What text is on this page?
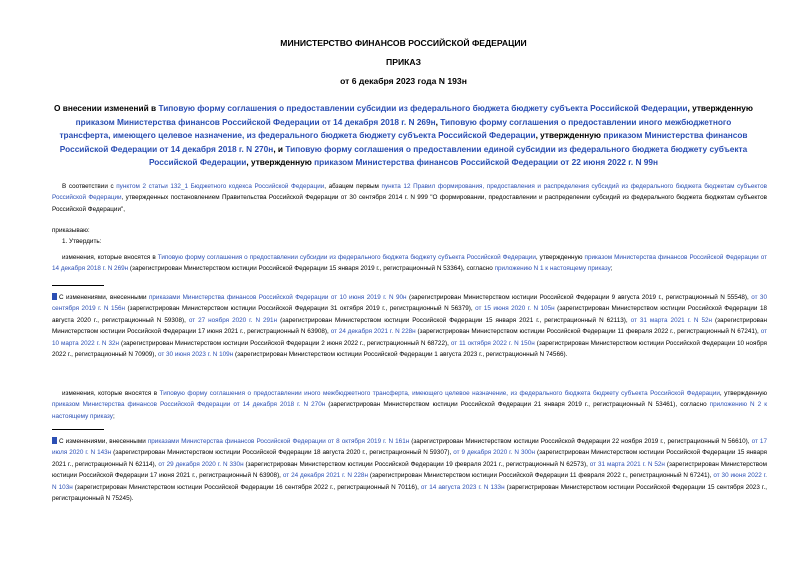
МИНИСТЕРСТВО ФИНАНСОВ РОССИЙСКОЙ ФЕДЕРАЦИИ
ПРИКАЗ
от 6 декабря 2023 года N 193н
О внесении изменений в Типовую форму соглашения о предоставлении субсидии из федерального бюджета бюджету субъекта Российской Федерации, утвержденную приказом Министерства финансов Российской Федерации от 14 декабря 2018 г. N 269н, Типовую форму соглашения о предоставлении иного межбюджетного трансферта, имеющего целевое назначение, из федерального бюджета бюджету субъекта Российской Федерации, утвержденную приказом Министерства финансов Российской Федерации от 14 декабря 2018 г. N 270н, и Типовую форму соглашения о предоставлении единой субсидии из федерального бюджета бюджету субъекта Российской Федерации, утвержденную приказом Министерства финансов Российской Федерации от 22 июня 2022 г. N 99н
В соответствии с пунктом 2 статьи 132_1 Бюджетного кодекса Российской Федерации, абзацем первым пункта 12 Правил формирования, предоставления и распределения субсидий из федерального бюджета бюджетам субъектов Российской Федерации, утвержденных постановлением Правительства Российской Федерации от 30 сентября 2014 г. N 999 "О формировании, предоставлении и распределении субсидий из федерального бюджета бюджетам субъектов Российской Федерации",
приказываю:
1. Утвердить:
изменения, которые вносятся в Типовую форму соглашения о предоставлении субсидии из федерального бюджета бюджету субъекта Российской Федерации, утвержденную приказом Министерства финансов Российской Федерации от 14 декабря 2018 г. N 269н (зарегистрирован Министерством юстиции Российской Федерации 15 января 2019 г., регистрационный N 53364), согласно приложению N 1 к настоящему приказу;
С изменениями, внесенными приказами Министерства финансов Российской Федерации от 10 июня 2019 г. N 90н (зарегистрирован Министерством юстиции Российской Федерации 9 августа 2019 г., регистрационный N 55548), от 30 сентября 2019 г. N 156н (зарегистрирован Министерством юстиции Российской Федерации 31 октября 2019 г., регистрационный N 56379), от 15 июня 2020 г. N 105н (зарегистрирован Министерством юстиции Российской Федерации 18 августа 2020 г., регистрационный N 59308), от 27 ноября 2020 г. N 291н (зарегистрирован Министерством юстиции Российской Федерации 15 января 2021 г., регистрационный N 62113), от 31 марта 2021 г. N 52н (зарегистрирован Министерством юстиции Российской Федерации 17 июня 2021 г., регистрационный N 63908), от 24 декабря 2021 г. N 228н (зарегистрирован Министерством юстиции Российской Федерации 11 февраля 2022 г., регистрационный N 67241), от 10 марта 2022 г. N 32н (зарегистрирован Министерством юстиции Российской Федерации 2 июня 2022 г., регистрационный N 68722), от 11 октября 2022 г. N 150н (зарегистрирован Министерством юстиции Российской Федерации 10 ноября 2022 г., регистрационный N 70909), от 30 июня 2023 г. N 109н (зарегистрирован Министерством юстиции Российской Федерации 1 августа 2023 г., регистрационный N 74566).
изменения, которые вносятся в Типовую форму соглашения о предоставлении иного межбюджетного трансферта, имеющего целевое назначение, из федерального бюджета бюджету субъекта Российской Федерации, утвержденную приказом Министерства финансов Российской Федерации от 14 декабря 2018 г. N 270н (зарегистрирован Министерством юстиции Российской Федерации 21 января 2019 г., регистрационный N 53461), согласно приложению N 2 к настоящему приказу;
С изменениями, внесенными приказами Министерства финансов Российской Федерации от 8 октября 2019 г. N 161н (зарегистрирован Министерством юстиции Российской Федерации 22 ноября 2019 г., регистрационный N 56610), от 17 июля 2020 г. N 143н (зарегистрирован Министерством юстиции Российской Федерации 18 августа 2020 г., регистрационный N 59307), от 9 декабря 2020 г. N 300н (зарегистрирован Министерством юстиции Российской Федерации 15 января 2021 г., регистрационный N 62114), от 29 декабря 2020 г. N 330н (зарегистрирован Министерством юстиции Российской Федерации 19 февраля 2021 г., регистрационный N 62573), от 31 марта 2021 г. N 52н (зарегистрирован Министерством юстиции Российской Федерации 17 июня 2021 г., регистрационный N 63908), от 24 декабря 2021 г. N 228н (зарегистрирован Министерством юстиции Российской Федерации 11 февраля 2022 г., регистрационный N 67241), от 30 июня 2022 г. N 103н (зарегистрирован Министерством юстиции Российской Федерации 16 сентября 2022 г., регистрационный N 70116), от 14 августа 2023 г. N 133н (зарегистрирован Министерством юстиции Российской Федерации 15 сентября 2023 г., регистрационный N 75245).
